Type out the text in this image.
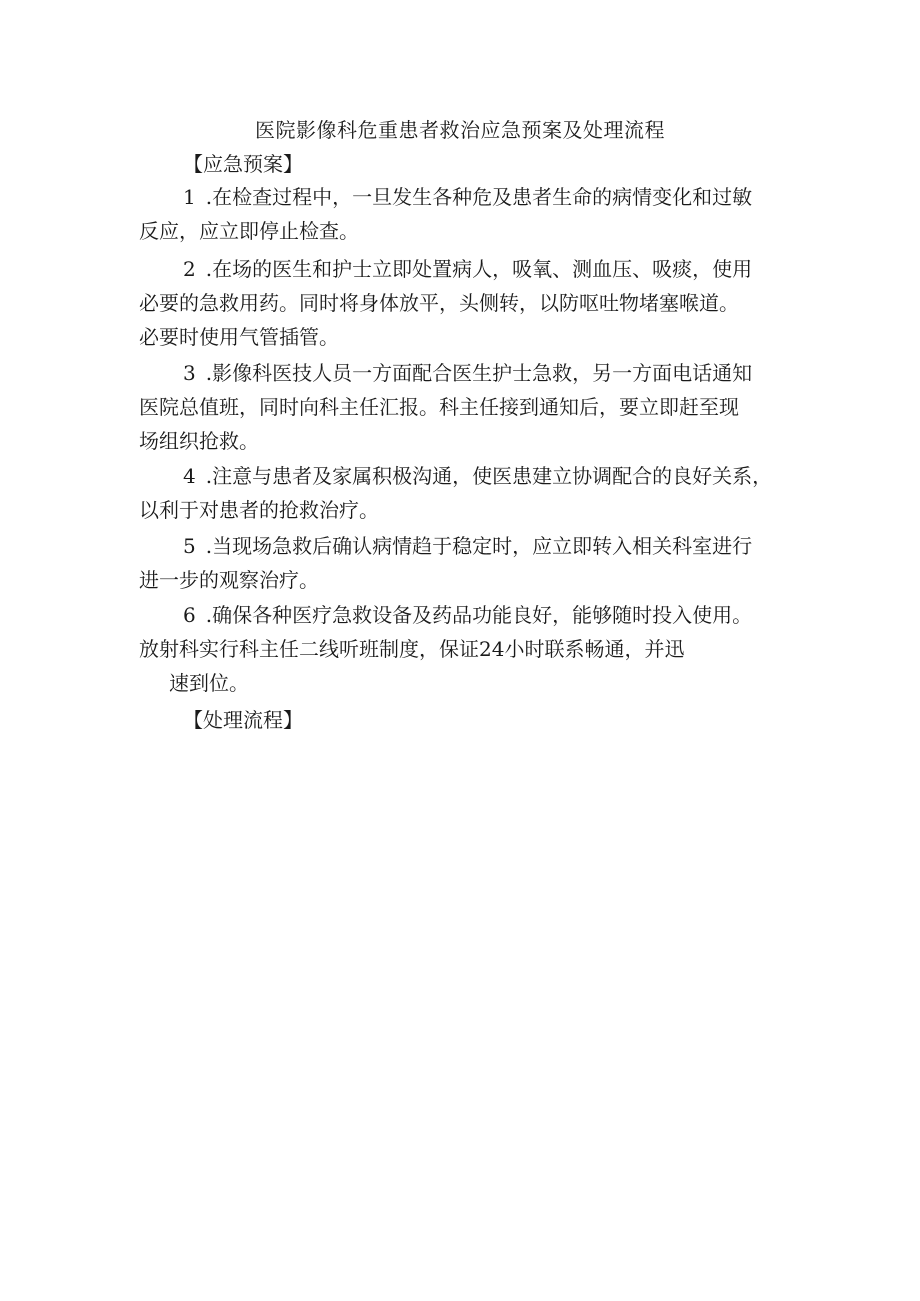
医院影像科危重患者救治应急预案及处理流程
【应急预案】
1 .在检查过程中，一旦发生各种危及患者生命的病情变化和过敏
反应，应立即停止检查。
2 .在场的医生和护士立即处置病人，吸氧、测血压、吸痰，使用
必要的急救用药。同时将身体放平，头侧转，以防呕吐物堵塞喉道。
必要时使用气管插管。
3 .影像科医技人员一方面配合医生护士急救，另一方面电话通知
医院总值班，同时向科主任汇报。科主任接到通知后，要立即赶至现
场组织抢救。
4 .注意与患者及家属积极沟通，使医患建立协调配合的良好关系，
以利于对患者的抢救治疗。
5 .当现场急救后确认病情趋于稳定时，应立即转入相关科室进行
进一步的观察治疗。
6 .确保各种医疗急救设备及药品功能良好，能够随时投入使用。
放射科实行科主任二线听班制度，保证24小时联系畅通，并迅
速到位。
【处理流程】
